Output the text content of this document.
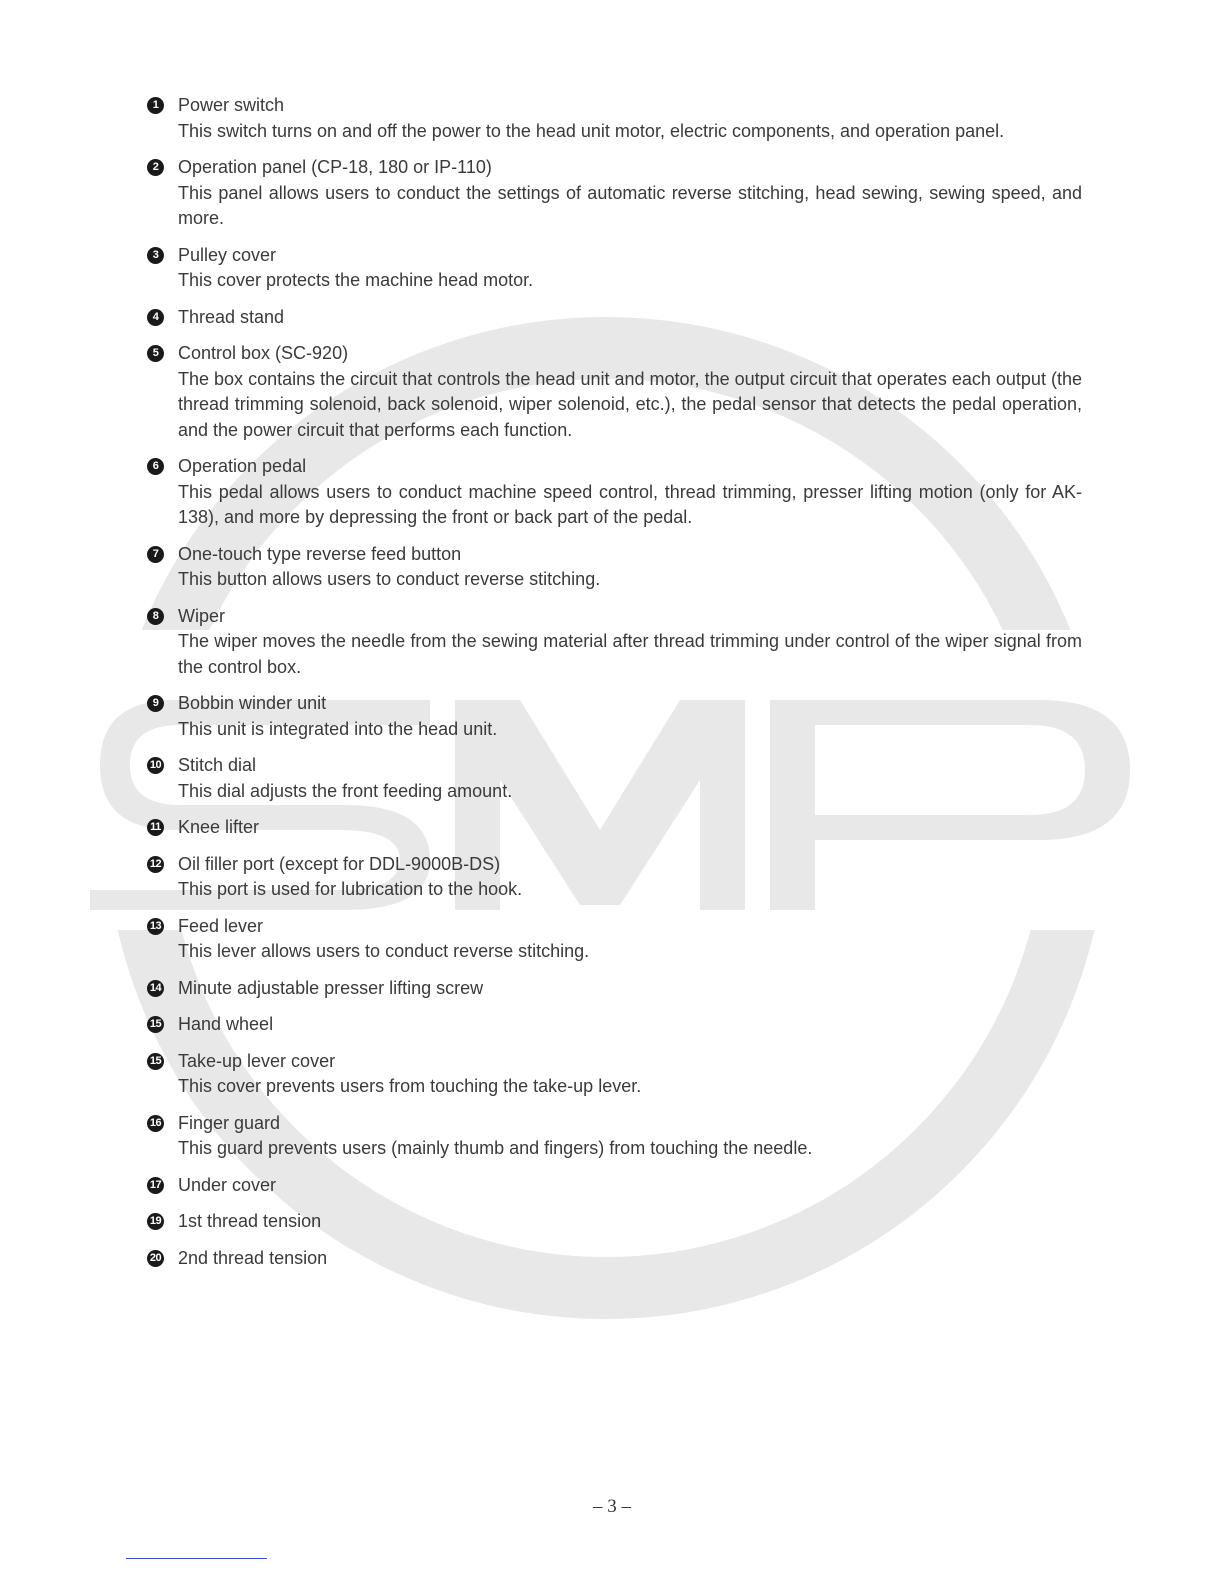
1	Power switch
This switch turns on and off the power to the head unit motor, electric components, and operation panel.
2	Operation panel (CP-18, 180 or IP-110)
This panel allows users to conduct the settings of automatic reverse stitching, head sewing, sewing speed, and more.
3	Pulley cover
This cover protects the machine head motor.
4	Thread stand
5	Control box (SC-920)
The box contains the circuit that controls the head unit and motor, the output circuit that operates each output (the thread trimming solenoid, back solenoid, wiper solenoid, etc.), the pedal sensor that detects the pedal operation, and the power circuit that performs each function.
6	Operation pedal
This pedal allows users to conduct machine speed control, thread trimming, presser lifting motion (only for AK-138), and more by depressing the front or back part of the pedal.
7	One-touch type reverse feed button
This button allows users to conduct reverse stitching.
8	Wiper
The wiper moves the needle from the sewing material after thread trimming under control of the wiper signal from the control box.
9	Bobbin winder unit
This unit is integrated into the head unit.
10 Stitch dial
This dial adjusts the front feeding amount.
11 Knee lifter
12 Oil filler port (except for DDL-9000B-DS)
This port is used for lubrication to the hook.
13 Feed lever
This lever allows users to conduct reverse stitching.
14 Minute adjustable presser lifting screw
15 Hand wheel
15 Take-up lever cover
This cover prevents users from touching the take-up lever.
16 Finger guard
This guard prevents users (mainly thumb and fingers) from touching the needle.
17 Under cover
19 1st thread tension
20 2nd thread tension
– 3 –
